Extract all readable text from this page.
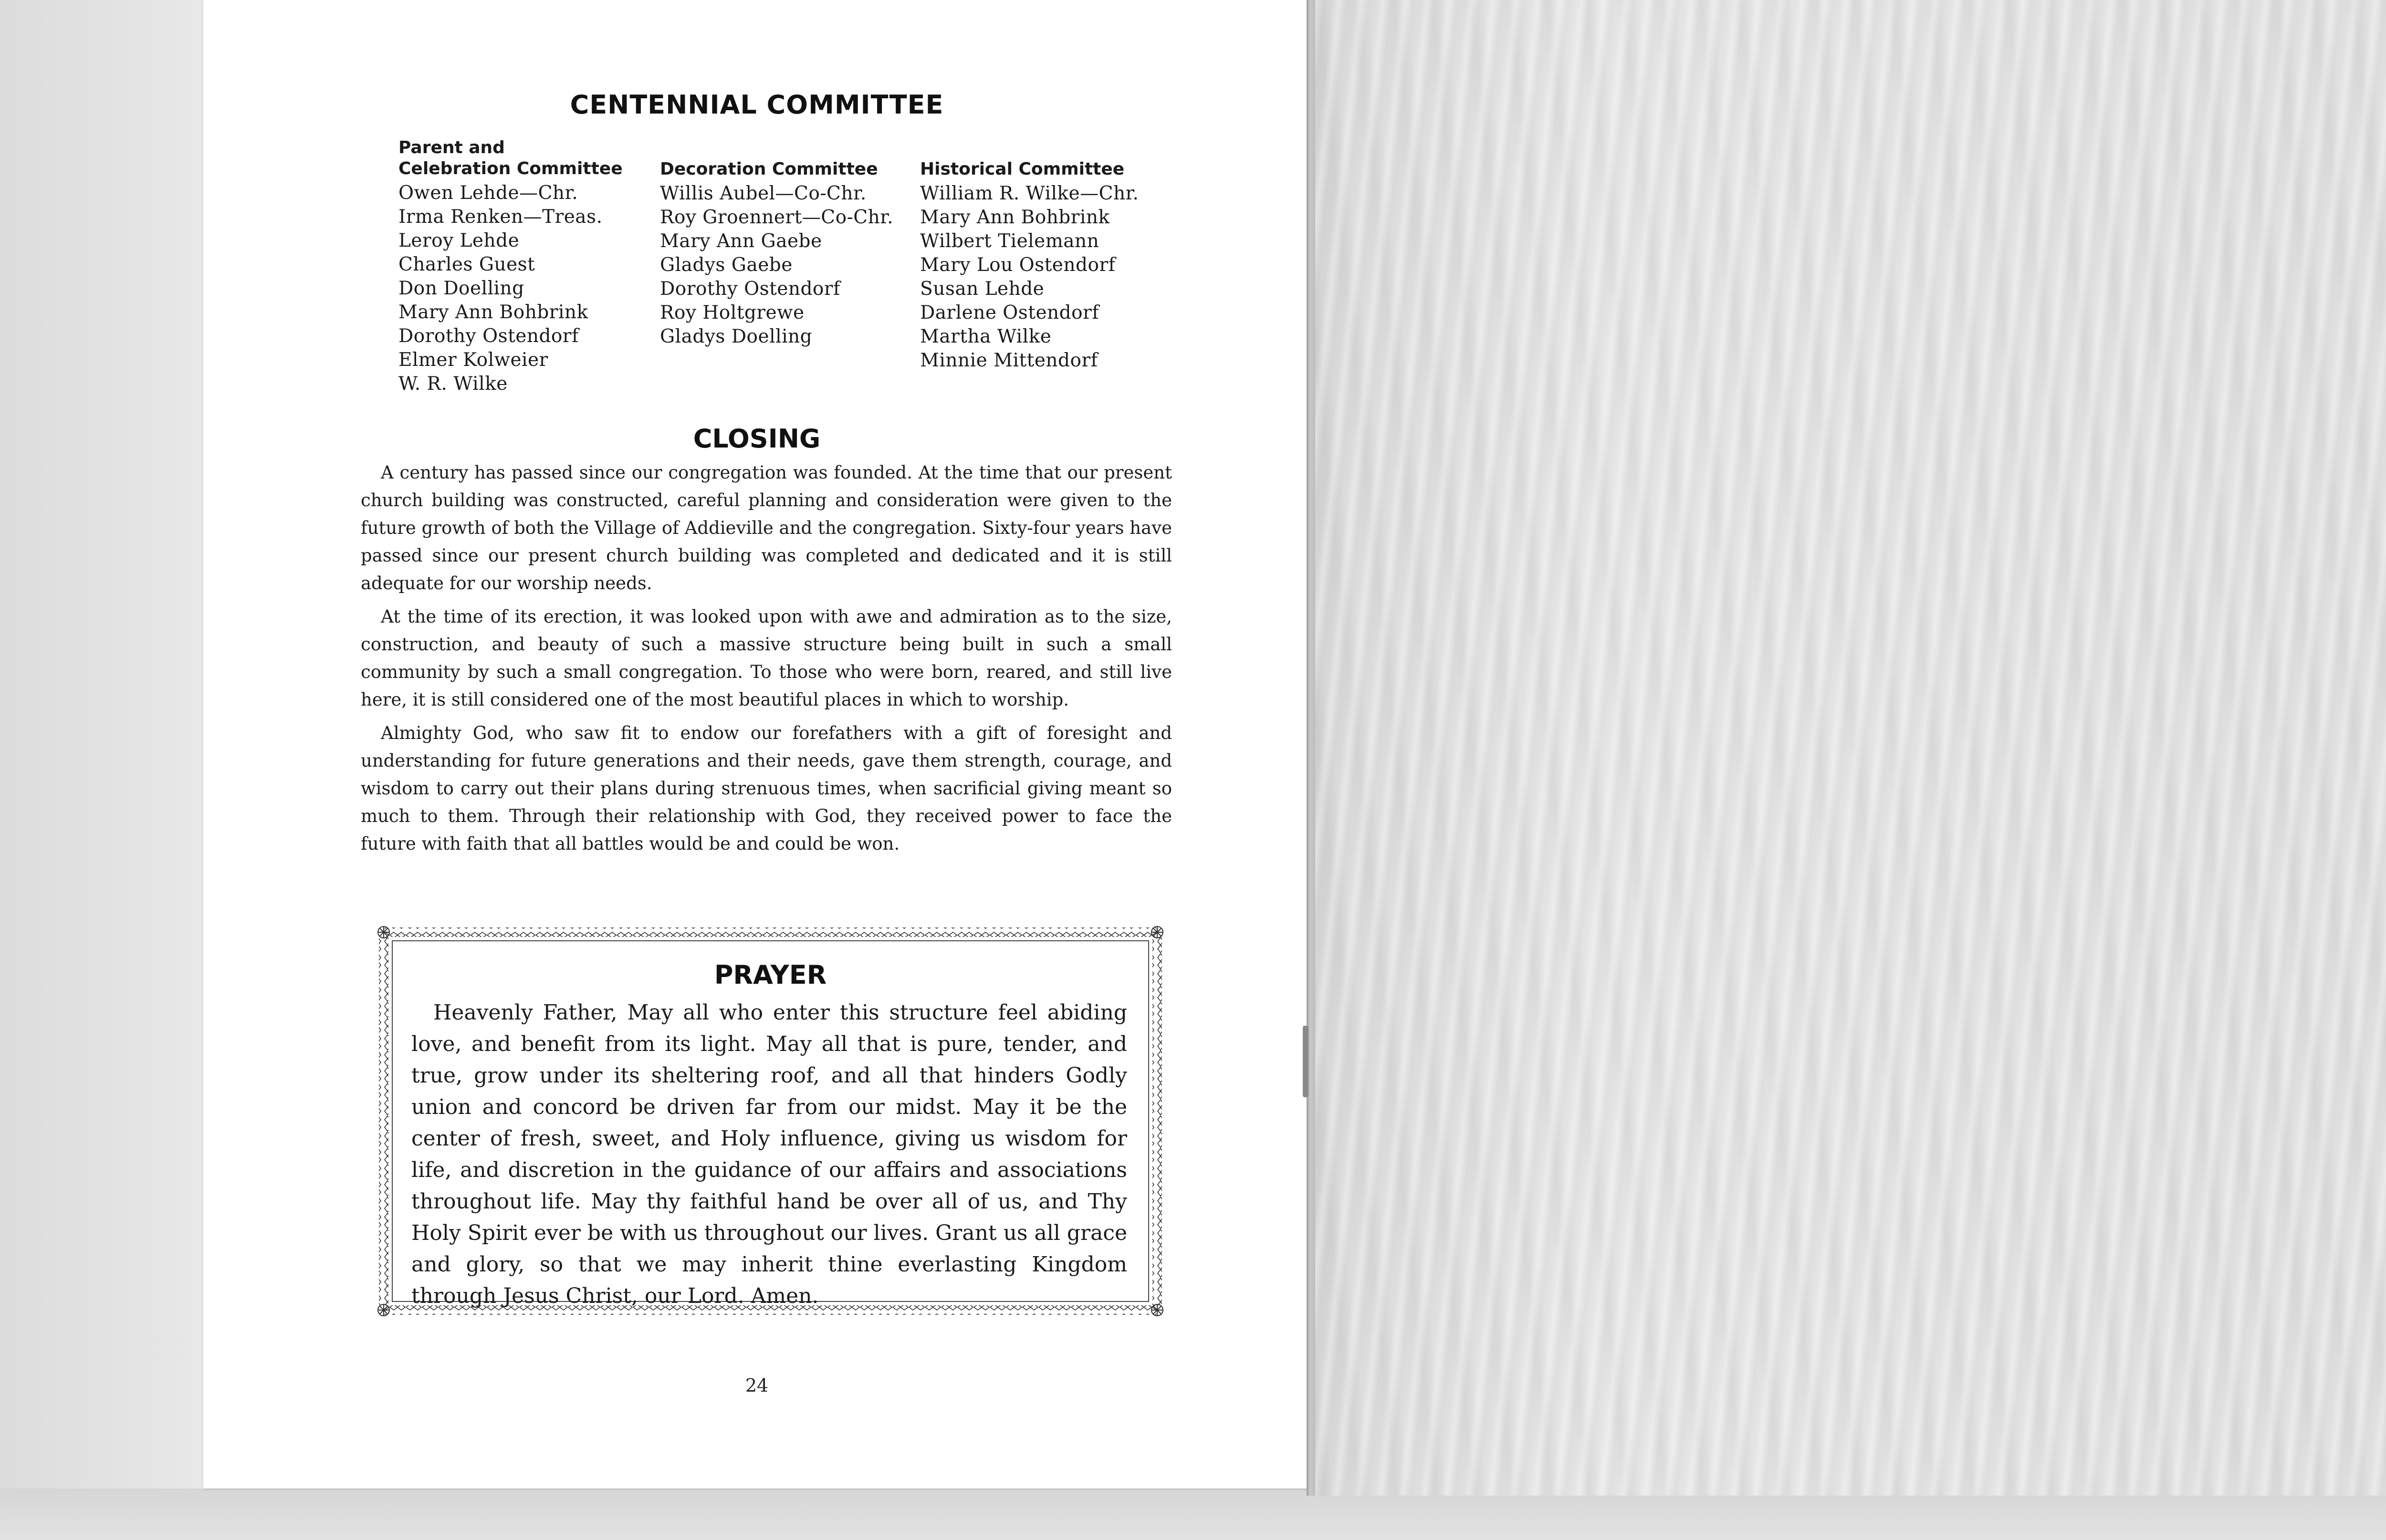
CENTENNIAL COMMITTEE

Parent and

Celebration Committee

Owen Lehde—Chr.
Irma Renken—Treas.
Leroy Lehde
Charles Guest
Don Doelling
Mary Ann Bohbrink
Dorothy Ostendorf
Elmer Kolweier
W. R. Wilke

Decoration Committee

Willis Aubel—Co-Chr.
Roy Groennert—Co-Chr.
Mary Ann Gaebe
Gladys Gaebe
Dorothy Ostendorf
Roy Holtgrewe
Gladys Doelling

Historical Committee

William R. Wilke—Chr.
Mary Ann Bohbrink
Wilbert Tielemann
Mary Lou Ostendorf
Susan Lehde
Darlene Ostendorf
Martha Wilke
Minnie Mittendorf
CLOSING

A century has passed since our congregation was founded. At the time that our present church building was constructed, careful planning and consideration were given to the future growth of both the Village of Addieville and the congregation. Sixty-four years have passed since our present church building was completed and dedicated and it is still adequate for our worship needs.

At the time of its erection, it was looked upon with awe and admiration as to the size, construction, and beauty of such a massive structure being built in such a small community by such a small congregation. To those who were born, reared, and still live here, it is still considered one of the most beautiful places in which to worship.

Almighty God, who saw fit to endow our forefathers with a gift of foresight and understanding for future generations and their needs, gave them strength, courage, and wisdom to carry out their plans during strenuous times, when sacrificial giving meant so much to them. Through their relationship with God, they received power to face the future with faith that all battles would be and could be won.

PRAYER

Heavenly Father, May all who enter this structure feel abiding love, and benefit from its light. May all that is pure, tender, and true, grow under its sheltering roof, and all that hinders Godly union and concord be driven far from our midst. May it be the center of fresh, sweet, and Holy influence, giving us wisdom for life, and discretion in the guidance of our affairs and associations throughout life. May thy faithful hand be over all of us, and Thy Holy Spirit ever be with us throughout our lives. Grant us all grace and glory, so that we may inherit thine everlasting Kingdom through Jesus Christ, our Lord. Amen.

24
